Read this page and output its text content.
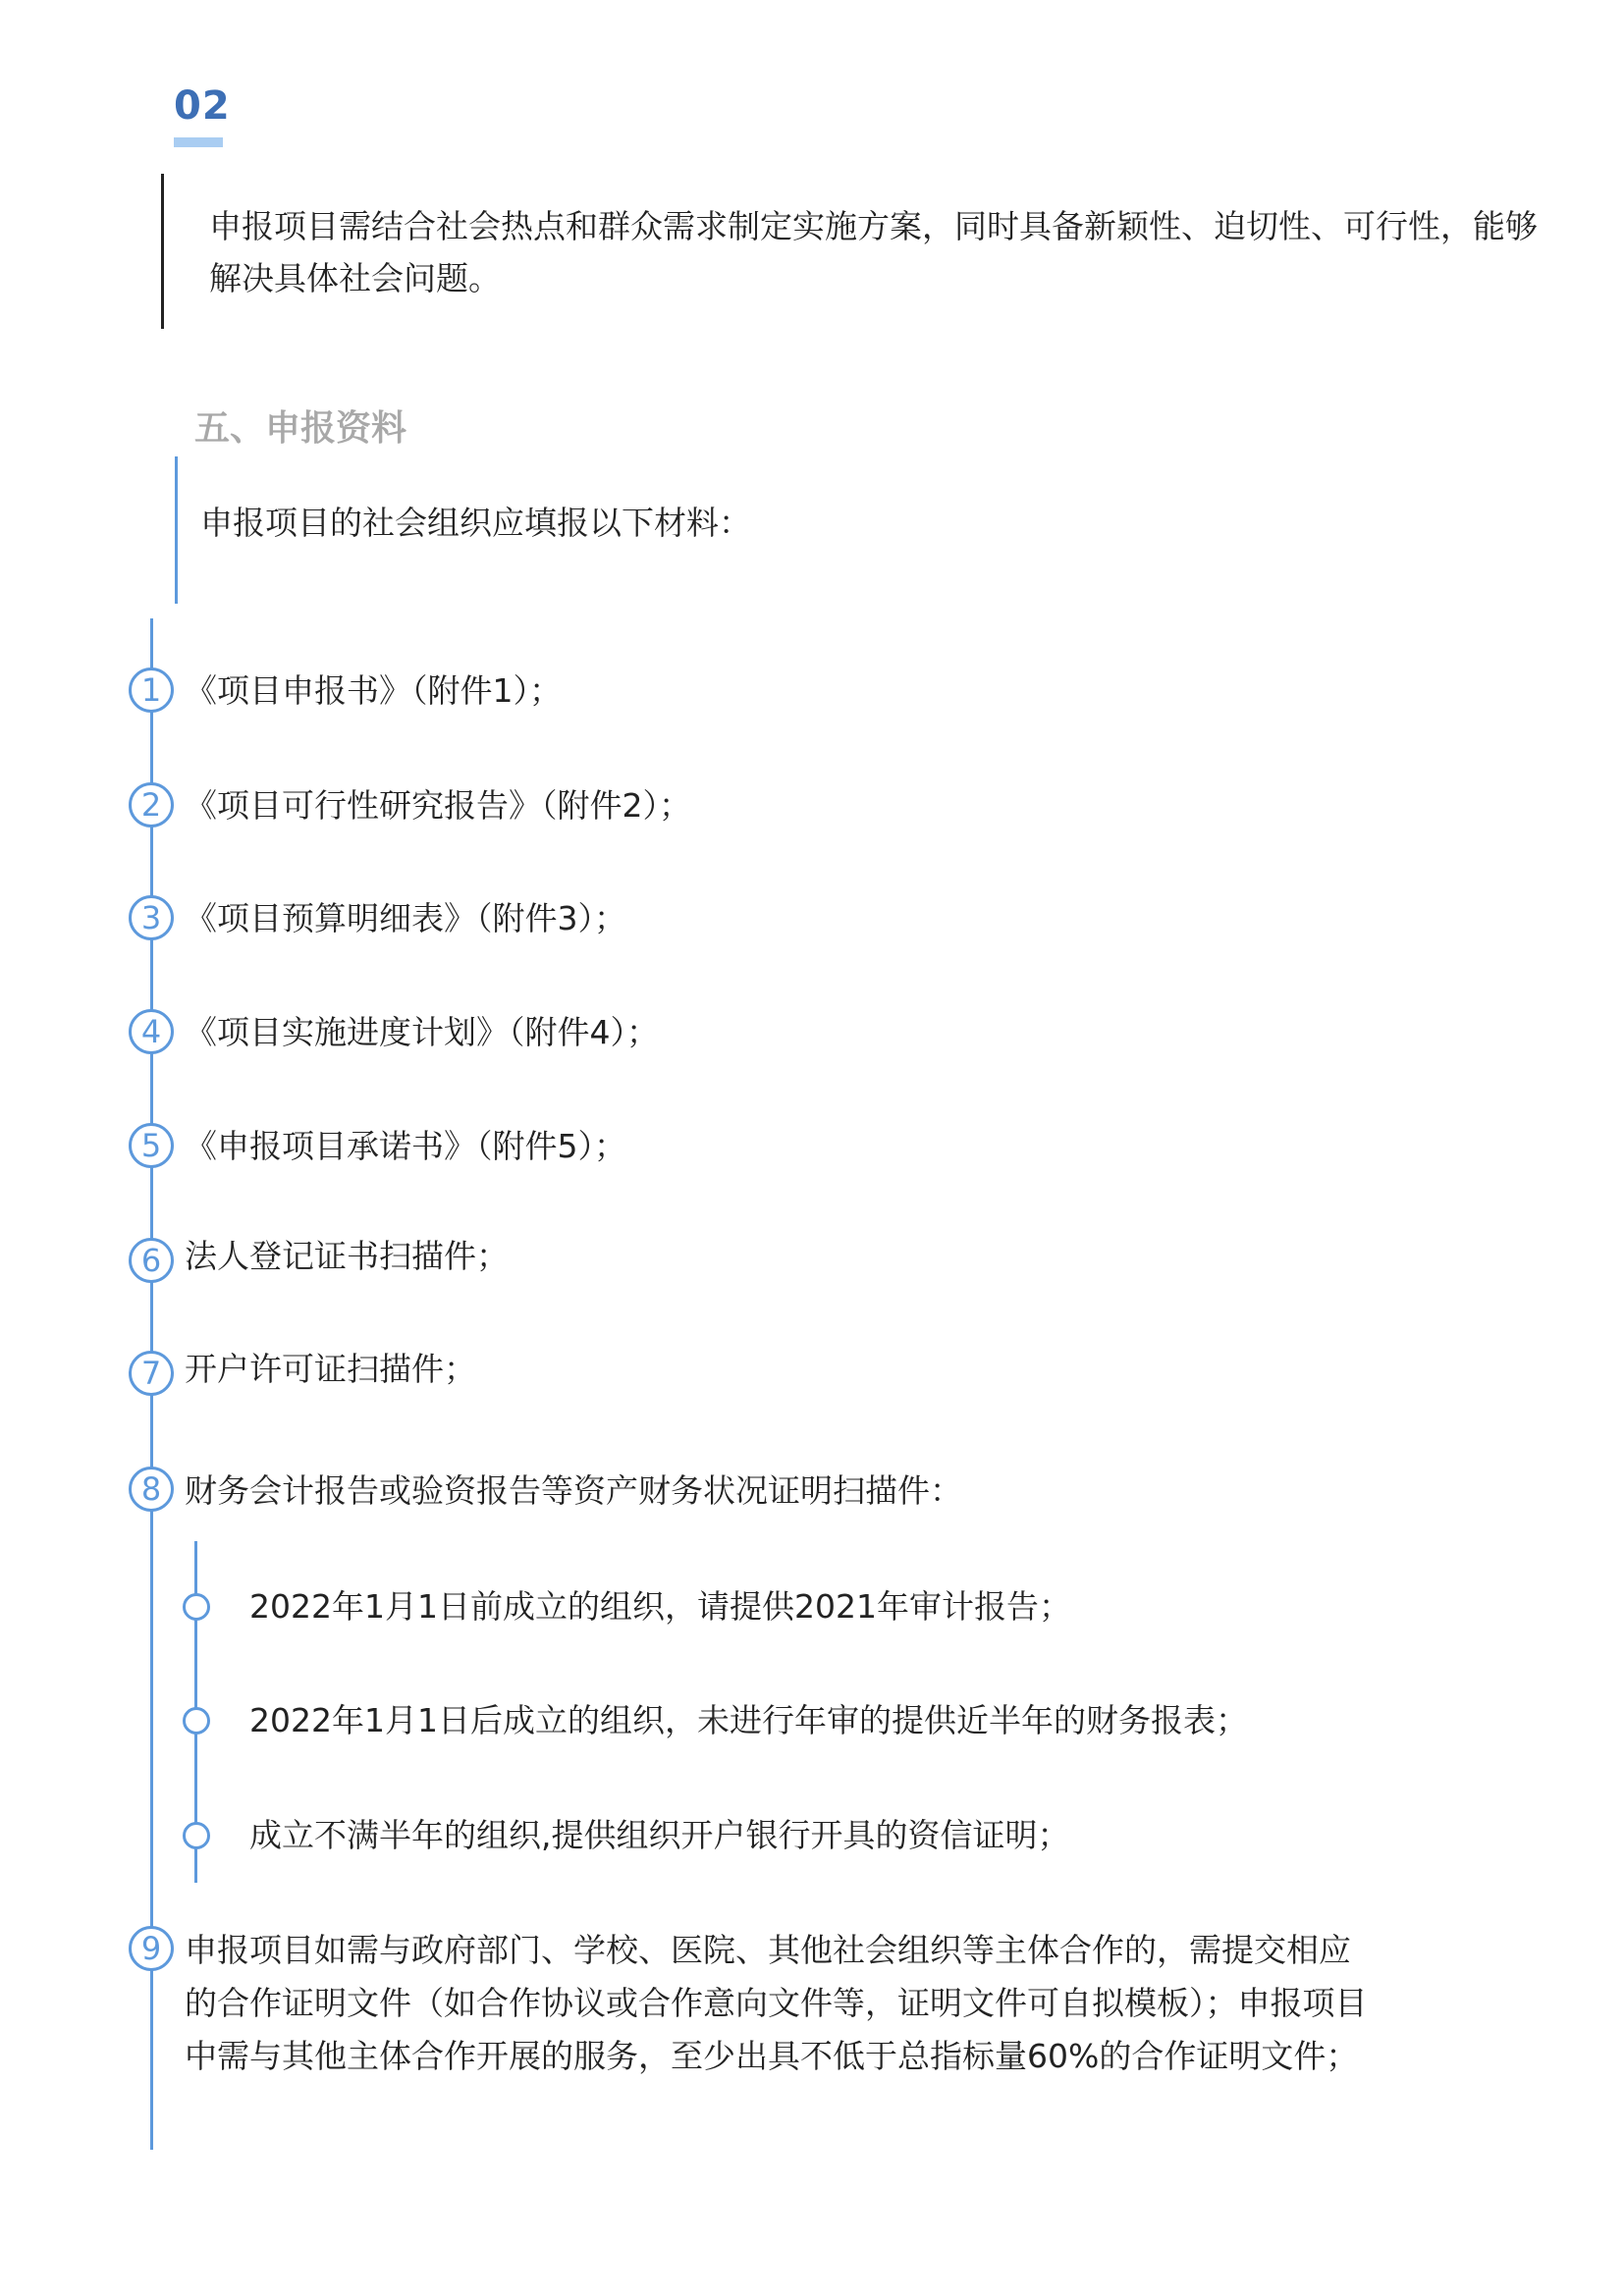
02
申报项目需结合社会热点和群众需求制定实施方案，同时具备新颖性、迫切性、可行性，能够解决具体社会问题。
五、申报资料
申报项目的社会组织应填报以下材料：
1 《项目申报书》（附件1）；
2 《项目可行性研究报告》（附件2）；
3 《项目预算明细表》（附件3）；
4 《项目实施进度计划》（附件4）；
5 《申报项目承诺书》（附件5）；
6 法人登记证书扫描件；
7 开户许可证扫描件；
8 财务会计报告或验资报告等资产财务状况证明扫描件：
2022年1月1日前成立的组织，请提供2021年审计报告；
2022年1月1日后成立的组织，未进行年审的提供近半年的财务报表；
成立不满半年的组织,提供组织开户银行开具的资信证明；
9 申报项目如需与政府部门、学校、医院、其他社会组织等主体合作的，需提交相应的合作证明文件（如合作协议或合作意向文件等，证明文件可自拟模板）；申报项目中需与其他主体合作开展的服务，至少出具不低于总指标量60%的合作证明文件；
